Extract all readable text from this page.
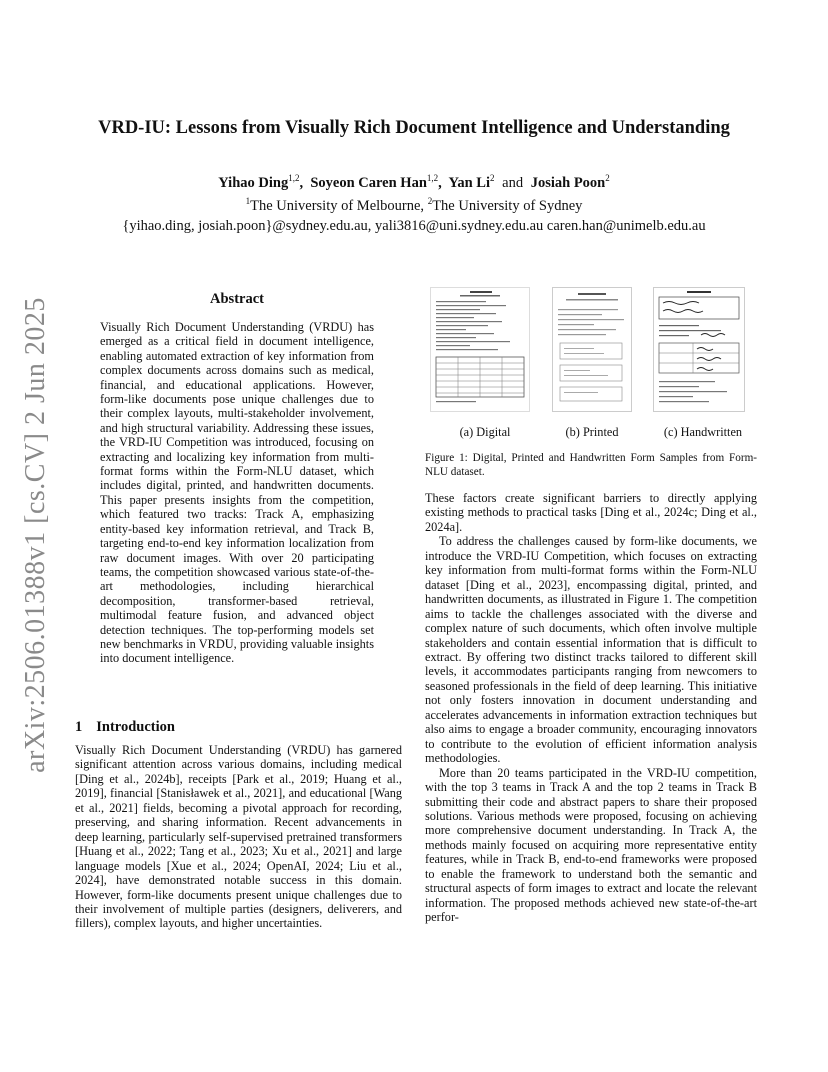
arXiv:2506.01388v1 [cs.CV] 2 Jun 2025
VRD-IU: Lessons from Visually Rich Document Intelligence and Understanding
Yihao Ding$^{1,2}$,  Soyeon Caren Han$^{1,2}$,  Yan Li$^2$ and Josiah Poon$^2$
$^1$The University of Melbourne, $^2$The University of Sydney
{yihao.ding, josiah.poon}@sydney.edu.au, yali3816@uni.sydney.edu.au caren.han@unimelb.edu.au
Abstract

Visually Rich Document Understanding (VRDU) has emerged as a critical field in document intelligence, enabling automated extraction of key information from complex documents across domains such as medical, financial, and educational applications. However, form-like documents pose unique challenges due to their complex layouts, multi-stakeholder involvement, and high structural variability. Addressing these issues, the VRD-IU Competition was introduced, focusing on extracting and localizing key information from multi-format forms within the Form-NLU dataset, which includes digital, printed, and handwritten documents. This paper presents insights from the competition, which featured two tracks: Track A, emphasizing entity-based key information retrieval, and Track B, targeting end-to-end key information localization from raw document images. With over 20 participating teams, the competition showcased various state-of-the-art methodologies, including hierarchical decomposition, transformer-based retrieval, multimodal feature fusion, and advanced object detection techniques. The top-performing models set new benchmarks in VRDU, providing valuable insights into document intelligence.

1 Introduction

Visually Rich Document Understanding (VRDU) has garnered significant attention across various domains, including medical [Ding et al., 2024b], receipts [Park et al., 2019; Huang et al., 2019], financial [Stanisławek et al., 2021], and educational [Wang et al., 2021] fields, becoming a pivotal approach for recording, preserving, and sharing information. Recent advancements in deep learning, particularly self-supervised pretrained transformers [Huang et al., 2022; Tang et al., 2023; Xu et al., 2021] and large language models [Xue et al., 2024; OpenAI, 2024; Liu et al., 2024], have demonstrated notable success in this domain. However, form-like documents present unique challenges due to their involvement of multiple parties (designers, deliverers, and fillers), complex layouts, and higher uncertainties.

(a) Digital	(b) Printed	(c) Handwritten
Figure 1: Digital, Printed and Handwritten Form Samples from Form-NLU dataset.

These factors create significant barriers to directly applying existing methods to practical tasks [Ding et al., 2024c; Ding et al., 2024a].

To address the challenges caused by form-like documents, we introduce the VRD-IU Competition, which focuses on extracting key information from multi-format forms within the Form-NLU dataset [Ding et al., 2023], encompassing digital, printed, and handwritten documents, as illustrated in Figure 1. The competition aims to tackle the challenges associated with the diverse and complex nature of such documents, which often involve multiple stakeholders and contain essential information that is difficult to extract. By offering two distinct tracks tailored to different skill levels, it accommodates participants ranging from newcomers to seasoned professionals in the field of deep learning. This initiative not only fosters innovation in document understanding and accelerates advancements in information extraction techniques but also aims to engage a broader community, encouraging innovators to contribute to the evolution of efficient information analysis methodologies.

More than 20 teams participated in the VRD-IU competition, with the top 3 teams in Track A and the top 2 teams in Track B submitting their code and abstract papers to share their proposed solutions. Various methods were proposed, focusing on achieving more comprehensive document understanding. In Track A, the methods mainly focused on acquiring more representative entity features, while in Track B, end-to-end frameworks were proposed to enable the framework to understand both the semantic and structural aspects of form images to extract and locate the relevant information. The proposed methods achieved new state-of-the-art perfor-
